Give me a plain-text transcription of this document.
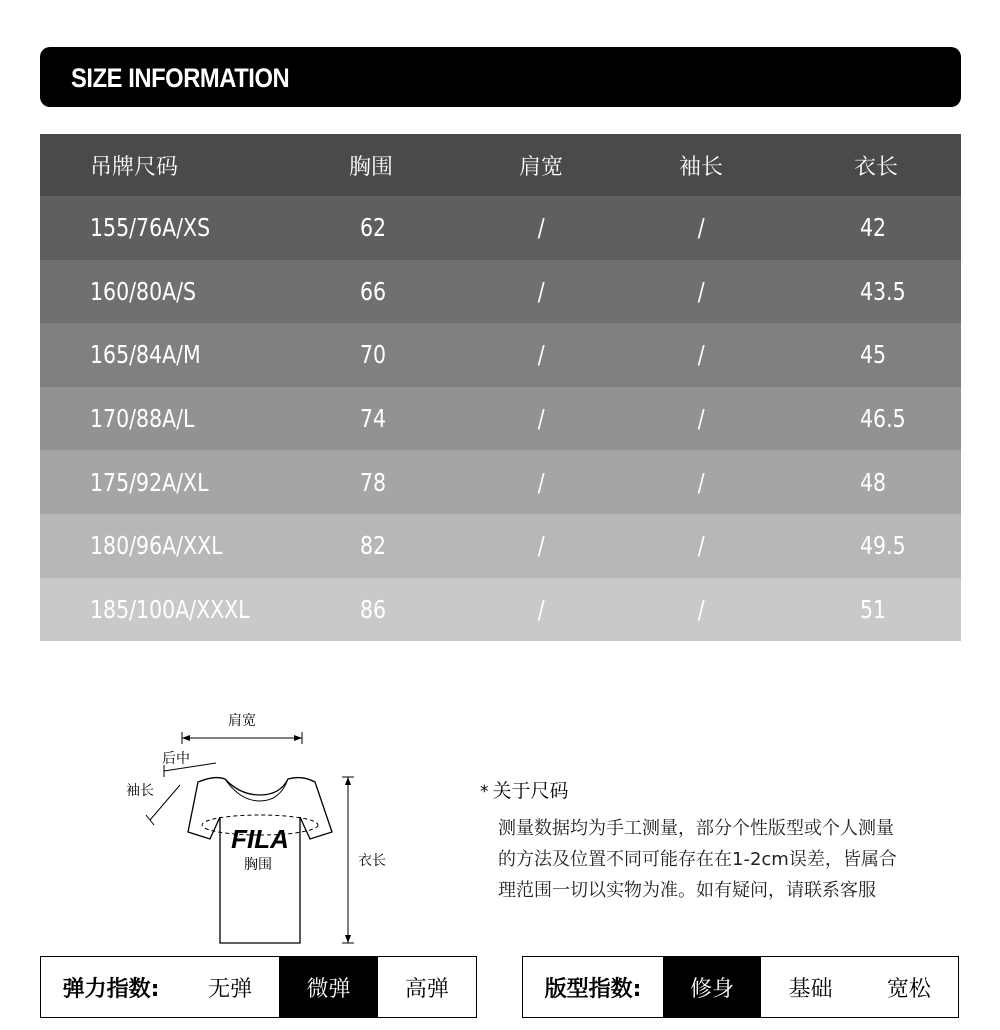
SIZE INFORMATION
吊牌尺码	胸围	肩宽	袖长	衣长
155/76A/XS	62	/	/	42
160/80A/S	66	/	/	43.5
165/84A/M	70	/	/	45
170/88A/L	74	/	/	46.5
175/92A/XL	78	/	/	48
180/96A/XXL	82	/	/	49.5
185/100A/XXXL	86	/	/	51
肩宽
后中
袖长
FILA
胸围	衣长
* 关于尺码
测量数据均为手工测量，部分个性版型或个人测量
的方法及位置不同可能存在在1-2cm误差，皆属合
理范围一切以实物为准。如有疑问，请联系客服
弹力指数:	无弹	微弹	高弹	版型指数:	修身	基础	宽松
